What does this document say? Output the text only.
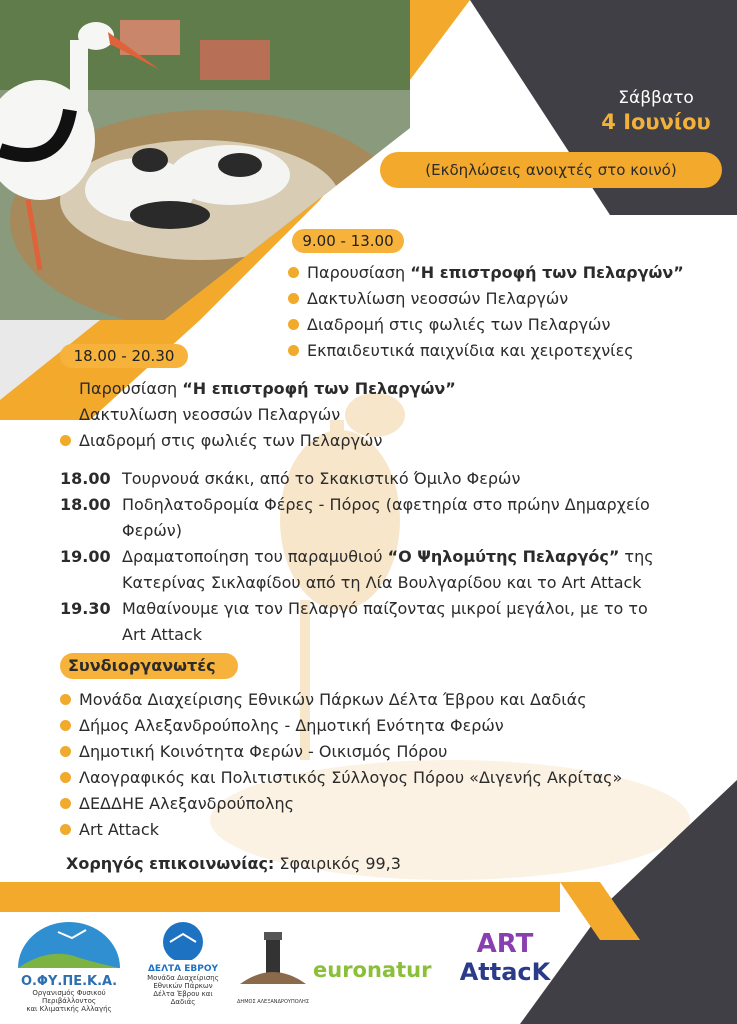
Σάββατο
4 Ιουνίου
(Εκδηλώσεις ανοιχτές στο κοινό)
9.00 - 13.00
Παρουσίαση “Η επιστροφή των Πελαργών”
Δακτυλίωση νεοσσών Πελαργών
Διαδρομή στις φωλιές των Πελαργών
Εκπαιδευτικά παιχνίδια και χειροτεχνίες
18.00 - 20.30
Παρουσίαση “Η επιστροφή των Πελαργών”
Δακτυλίωση νεοσσών Πελαργών
Διαδρομή στις φωλιές των Πελαργών
18.00 Τουρνουά σκάκι, από το Σκακιστικό Όμιλο Φερών
18.00 Ποδηλατοδρομία Φέρες - Πόρος (αφετηρία στο πρώην Δημαρχείο
Φερών)
19.00 Δραματοποίηση του παραμυθιού “Ο Ψηλομύτης Πελαργός” της
Κατερίνας Σικλαφίδου από τη Λία Βουλγαρίδου και το Art Attack
19.30 Μαθαίνουμε για τον Πελαργό παίζοντας μικροί μεγάλοι, με το το
Art Attack
Συνδιοργανωτές
Μονάδα Διαχείρισης Εθνικών Πάρκων Δέλτα Έβρου και Δαδιάς
Δήμος Αλεξανδρούπολης - Δημοτική Ενότητα Φερών
Δημοτική Κοινότητα Φερών - Οικισμός Πόρου
Λαογραφικός και Πολιτιστικός Σύλλογος Πόρου «Διγενής Ακρίτας»
ΔΕΔΔΗΕ Αλεξανδρούπολης
Art Attack
Χορηγός επικοινωνίας: Σφαιρικός 99,3
Ο.ΦΥ.ΠΕ.Κ.Α.
Οργανισμός Φυσικού Περιβάλλοντος
και Κλιματικής Αλλαγής
ΔΕΛΤΑ ΕΒΡΟΥ
Μονάδα Διαχείρισης
Εθνικών Πάρκων
Δέλτα Έβρου και Δαδιάς	ΔΗΜΟΣ ΑΛΕΞΑΝΔΡΟΥΠΟΛΗΣ
euronatur
ART
AttacK
